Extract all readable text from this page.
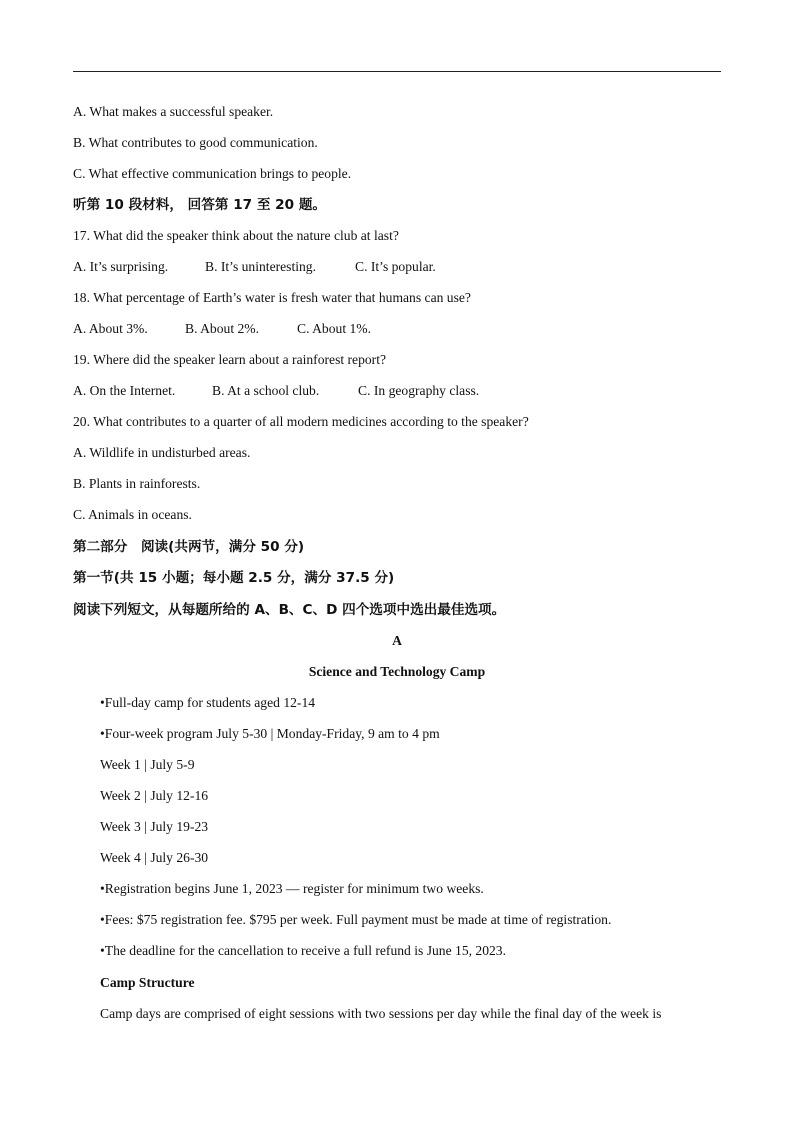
A. What makes a successful speaker.
B. What contributes to good communication.
C. What effective communication brings to people.
听第 10 段材料， 回答第 17 至 20 题。
17. What did the speaker think about the nature club at last?
A. It’s surprising.	B. It’s uninteresting.	C. It’s popular.
18. What percentage of Earth’s water is fresh water that humans can use?
A. About 3%.	B. About 2%.	C. About 1%.
19. Where did the speaker learn about a rainforest report?
A. On the Internet.	B. At a school club.	C. In geography class.
20. What contributes to a quarter of all modern medicines according to the speaker?
A. Wildlife in undisturbed areas.
B. Plants in rainforests.
C. Animals in oceans.
第二部分　阅读(共两节，满分 50 分)
第一节(共 15 小题；每小题 2.5 分，满分 37.5 分)
阅读下列短文，从每题所给的 A、B、C、D 四个选项中选出最佳选项。
A
Science and Technology Camp
•Full-day camp for students aged 12-14
•Four-week program July 5-30 | Monday-Friday, 9 am to 4 pm
Week 1 | July 5-9
Week 2 | July 12-16
Week 3 | July 19-23
Week 4 | July 26-30
•Registration begins June 1, 2023 — register for minimum two weeks.
•Fees: $75 registration fee. $795 per week. Full payment must be made at time of registration.
•The deadline for the cancellation to receive a full refund is June 15, 2023.
Camp Structure
Camp days are comprised of eight sessions with two sessions per day while the final day of the week is
